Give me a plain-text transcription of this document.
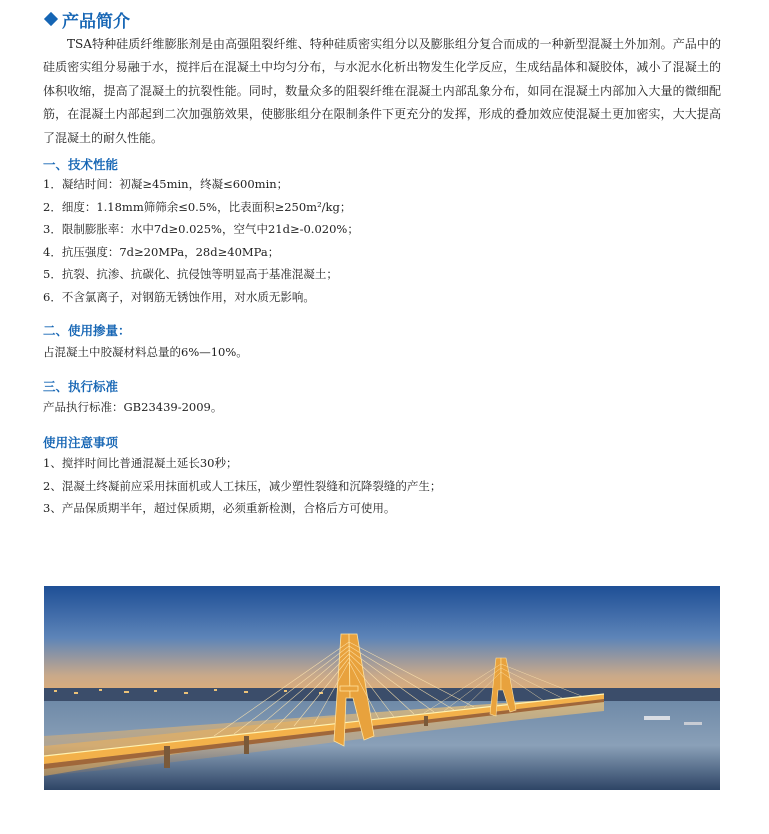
产品简介

TSA特种硅质纤维膨胀剂是由高强阻裂纤维、特种硅质密实组分以及膨胀组分复合而成的一种新型混凝土外加剂。产品中的硅质密实组分易融于水，搅拌后在混凝土中均匀分布，与水泥水化析出物发生化学反应，生成结晶体和凝胶体，减小了混凝土的体积收缩，提高了混凝土的抗裂性能。同时，数量众多的阻裂纤维在混凝土内部乱象分布，如同在混凝土内部加入大量的微细配筋，在混凝土内部起到二次加强筋效果，使膨胀组分在限制条件下更充分的发挥，形成的叠加效应使混凝土更加密实，大大提高了混凝土的耐久性能。

一、技术性能
1．凝结时间：初凝≥45min，终凝≤600min；
2．细度：1.18mm筛筛余≤0.5%，比表面积≥250m²/kg；
3．限制膨胀率：水中7d≥0.025%，空气中21d≥-0.020%；
4．抗压强度：7d≥20MPa，28d≥40MPa；
5．抗裂、抗渗、抗碳化、抗侵蚀等明显高于基准混凝土；
6．不含氯离子，对钢筋无锈蚀作用，对水质无影响。
二、使用掺量：
占混凝土中胶凝材料总量的6%—10%。
三、执行标准
产品执行标准：GB23439-2009。
使用注意事项
1、搅拌时间比普通混凝土延长30秒；
2、混凝土终凝前应采用抹面机或人工抹压，减少塑性裂缝和沉降裂缝的产生；
3、产品保质期半年，超过保质期，必须重新检测，合格后方可使用。
